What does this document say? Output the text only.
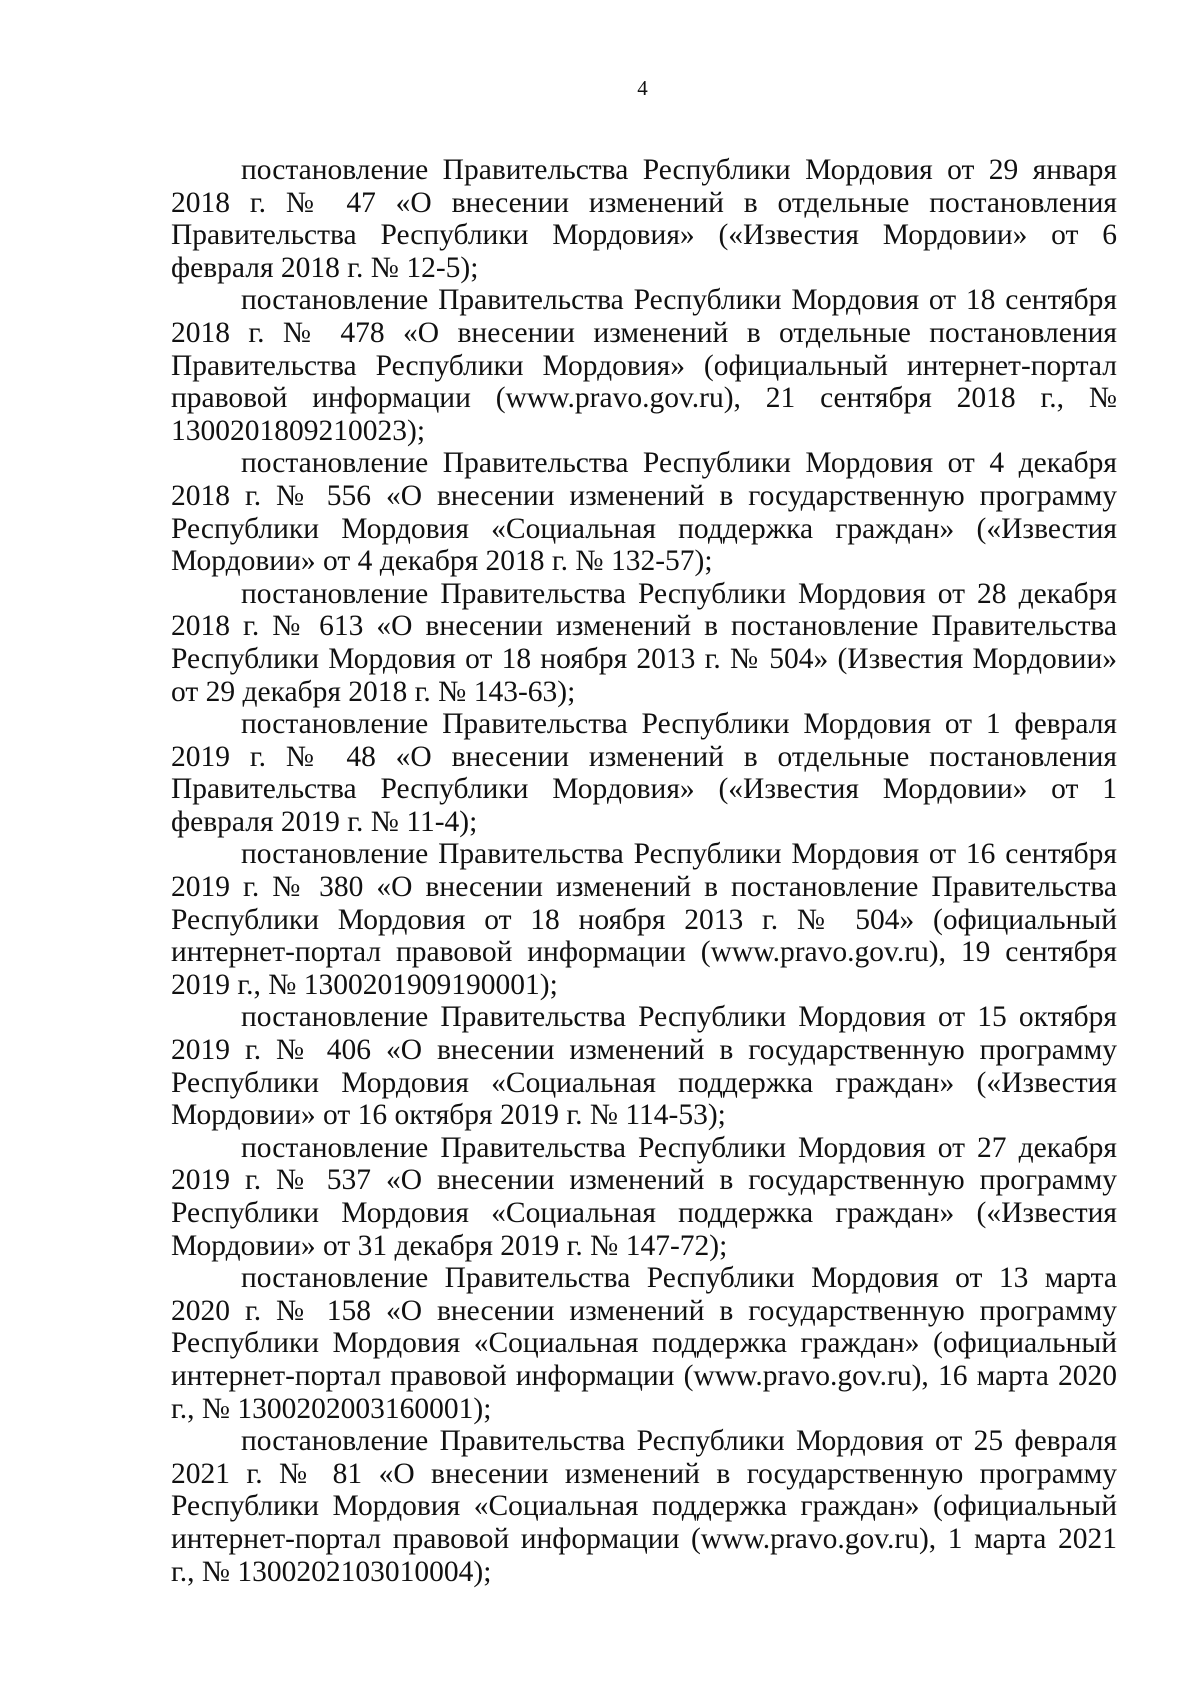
4

постановление Правительства Республики Мордовия от 29 января 2018 г. № 47 «О внесении изменений в отдельные постановления Правительства Республики Мордовия» («Известия Мордовии» от 6 февраля 2018 г. № 12-5);

постановление Правительства Республики Мордовия от 18 сентября 2018 г. № 478 «О внесении изменений в отдельные постановления Правительства Республики Мордовия» (официальный интернет-портал правовой информации (www.pravo.gov.ru), 21 сентября 2018 г., № 1300201809210023);

постановление Правительства Республики Мордовия от 4 декабря 2018 г. № 556 «О внесении изменений в государственную программу Республики Мордовия «Социальная поддержка граждан» («Известия Мордовии» от 4 декабря 2018 г. № 132-57);

постановление Правительства Республики Мордовия от 28 декабря 2018 г. № 613 «О внесении изменений в постановление Правительства Республики Мордовия от 18 ноября 2013 г. № 504» (Известия Мордовии» от 29 декабря 2018 г. № 143-63);

постановление Правительства Республики Мордовия от 1 февраля 2019 г. № 48 «О внесении изменений в отдельные постановления Правительства Республики Мордовия» («Известия Мордовии» от 1 февраля 2019 г. № 11-4);

постановление Правительства Республики Мордовия от 16 сентября 2019 г. № 380 «О внесении изменений в постановление Правительства Республики Мордовия от 18 ноября 2013 г. № 504» (официальный интернет-портал правовой информации (www.pravo.gov.ru), 19 сентября 2019 г., № 1300201909190001);

постановление Правительства Республики Мордовия от 15 октября 2019 г. № 406 «О внесении изменений в государственную программу Республики Мордовия «Социальная поддержка граждан» («Известия Мордовии» от 16 октября 2019 г. № 114-53);

постановление Правительства Республики Мордовия от 27 декабря 2019 г. № 537 «О внесении изменений в государственную программу Республики Мордовия «Социальная поддержка граждан» («Известия Мордовии» от 31 декабря 2019 г. № 147-72);

постановление Правительства Республики Мордовия от 13 марта 2020 г. № 158 «О внесении изменений в государственную программу Республики Мордовия «Социальная поддержка граждан» (официальный интернет-портал правовой информации (www.pravo.gov.ru), 16 марта 2020 г., № 1300202003160001);

постановление Правительства Республики Мордовия от 25 февраля 2021 г. № 81 «О внесении изменений в государственную программу Республики Мордовия «Социальная поддержка граждан» (официальный интернет-портал правовой информации (www.pravo.gov.ru), 1 марта 2021 г., № 1300202103010004);
